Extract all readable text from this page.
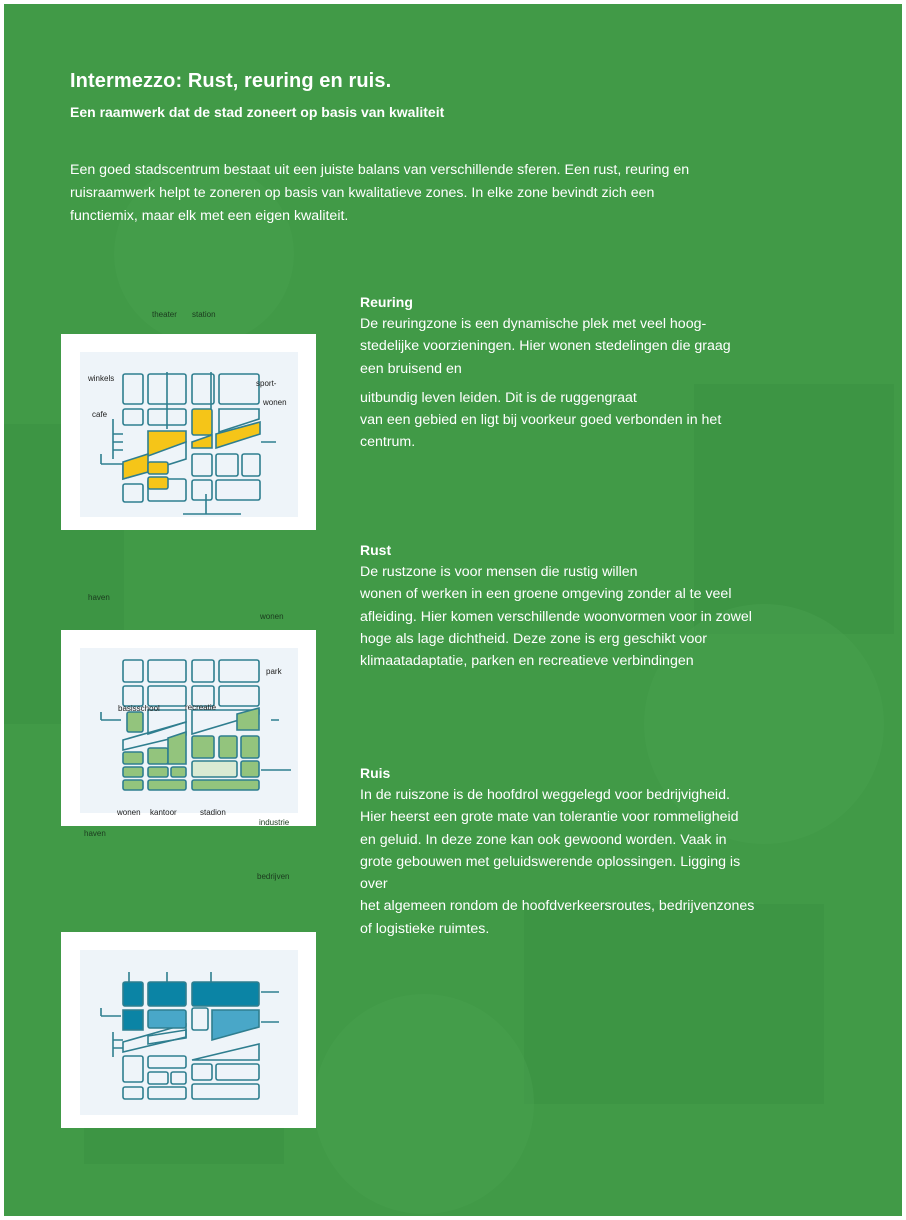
Intermezzo: Rust, reuring en ruis.
Een raamwerk dat de stad zoneert op basis van kwaliteit
Een goed stadscentrum bestaat uit een juiste balans van verschillende sferen. Een rust, reuring en
ruisraamwerk helpt te zoneren op basis van kwalitatieve zones. In elke zone bevindt zich een
functiemix, maar elk met een eigen kwaliteit.
Reuring

De reuringzone is een dynamische plek met veel hoog-

stedelijke voorzieningen. Hier wonen stedelingen die graag

een bruisend en

uitbundig leven leiden. Dit is de ruggengraat

van een gebied en ligt bij voorkeur goed verbonden in het

centrum.

Rust

De rustzone is voor mensen die rustig willen

wonen of werken in een groene omgeving zonder al te veel

afleiding. Hier komen verschillende woonvormen voor in zowel

hoge als lage dichtheid. Deze zone is erg geschikt voor

klimaatadaptatie, parken en recreatieve verbindingen

Ruis

In de ruiszone is de hoofdrol weggelegd voor bedrijvigheid.

Hier heerst een grote mate van tolerantie voor rommeligheid

en geluid. In deze zone kan ook gewoond worden. Vaak in

grote gebouwen met geluidswerende oplossingen. Ligging is

over

het algemeen rondom de hoofdverkeersroutes, bedrijvenzones

of logistieke ruimtes.

theater station
winkels
sport-
wonen
cafe
haven
wonen
park
basisschool	recreatie
wonen kantoor	stadion
industrie
haven
bedrijven
